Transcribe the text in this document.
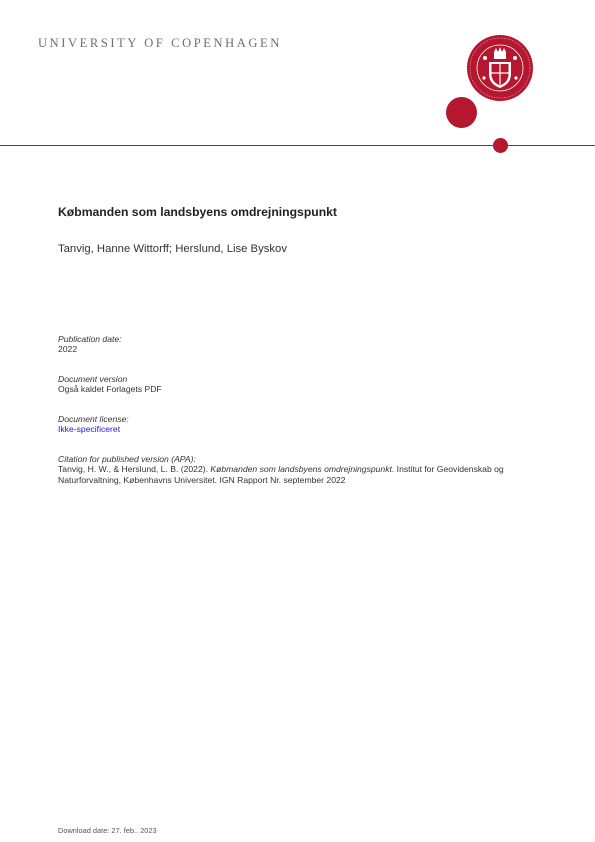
UNIVERSITY OF COPENHAGEN
Købmanden som landsbyens omdrejningspunkt
Tanvig, Hanne Wittorff; Herslund, Lise Byskov
Publication date:
2022
Document version
Også kaldet Forlagets PDF
Document license:
Ikke-specificeret
Citation for published version (APA):
Tanvig, H. W., & Herslund, L. B. (2022). Købmanden som landsbyens omdrejningspunkt. Institut for Geovidenskab og Naturforvaltning, Københavns Universitet. IGN Rapport Nr. september 2022
Download date: 27. feb.. 2023
